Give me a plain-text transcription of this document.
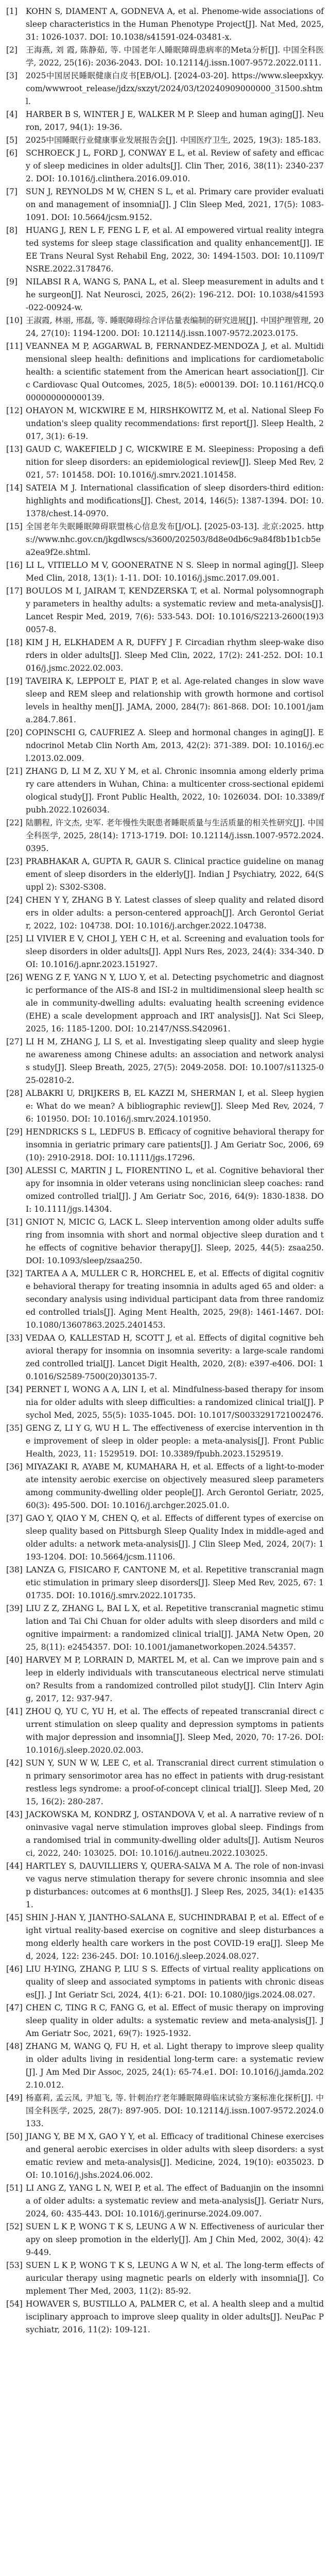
[1]	KOHN S, DIAMENT A, GODNEVA A, et al. Phenome-wide associations of sleep characteristics in the Human Phenotype Project[J]. Nat Med, 2025, 31: 1026-1037. DOI: 10.1038/s41591-024-03481-x.
[2]	王海燕, 刘 霞, 陈静茹, 等. 中国老年人睡眠障碍患病率的Meta分析[J]. 中国全科医学, 2022, 25(16): 2036-2043. DOI: 10.12114/j.issn.1007-9572.2022.0111.
[3]	2025中国居民睡眠健康白皮书[EB/OL]. [2024-03-20]. https://www.sleepxkyy.com/wwwroot_release/jdzx/sxzyt/2024/03/t20240909000000_31500.shtml.
[4]	HARBER B S, WINTER J E, WALKER M P. Sleep and human aging[J]. Neuron, 2017, 94(1): 19-36.
[5]	2025中国睡眠行业健康事业发展报告会[J]. 中国医疗卫生, 2025, 19(3): 185-183.
[6]	SCHROECK J L, FORD J, CONWAY E L, et al. Review of safety and efficacy of sleep medicines in older adults[J]. Clin Ther, 2016, 38(11): 2340-2372. DOI: 10.1016/j.clinthera.2016.09.010.
[7]	SUN J, REYNOLDS M W, CHEN S L, et al. Primary care provider evaluation and management of insomnia[J]. J Clin Sleep Med, 2021, 17(5): 1083-1091. DOI: 10.5664/jcsm.9152.
[8]	HUANG J, REN L F, FENG L F, et al. AI empowered virtual reality integrated systems for sleep stage classification and quality enhancement[J]. IEEE Trans Neural Syst Rehabil Eng, 2022, 30: 1494-1503. DOI: 10.1109/TNSRE.2022.3178476.
[9]	NILABSI R A, WANG S, PANA L, et al. Sleep measurement in adults and the surgeon[J]. Nat Neurosci, 2025, 26(2): 196-212. DOI: 10.1038/s41593-022-00924-w.
[10] 王淑霞, 林丽, 邢磊, 等. 睡眠障碍综合评估量表编制的研究进展[J]. 中国护理管理, 2024, 27(10): 1194-1200. DOI: 10.12114/j.issn.1007-9572.2023.0175.
[11] VEANNEA M P, AGGARWAL B, FERNANDEZ-MENDOZA J, et al. Multidimensional sleep health: definitions and implications for cardiometabolic health: a scientific statement from the American heart association[J]. Circ Cardiovasc Qual Outcomes, 2025, 18(5): e000139. DOI: 10.1161/HCQ.0000000000000139.
[12] OHAYON M, WICKWIRE E M, HIRSHKOWITZ M, et al. National Sleep Foundation's sleep quality recommendations: first report[J]. Sleep Health, 2017, 3(1): 6-19.
[13] GAUD C, WAKEFIELD J C, WICKWIRE E M. Sleepiness: Proposing a definition for sleep disorders: an epidemiological review[J]. Sleep Med Rev, 2021, 57: 101458. DOI: 10.1016/j.smrv.2021.101458.
[14] SATEIA M J. International classification of sleep disorders-third edition: highlights and modifications[J]. Chest, 2014, 146(5): 1387-1394. DOI: 10.1378/chest.14-0970.
[15] 全国老年失眠睡眠障碍联盟核心信息发布[J/OL]. [2025-03-13]. 北京:2025. https://www.nhc.gov.cn/jkgdlwscs/s3600/202503/8d8e0db6c9a84f8b1b1cb5ea2ea9f2e.shtml.
[16] LI L, VITIELLO M V, GOONERATNE N S. Sleep in normal aging[J]. Sleep Med Clin, 2018, 13(1): 1-11. DOI: 10.1016/j.jsmc.2017.09.001.
[17] BOULOS M I, JAIRAM T, KENDZERSKA T, et al. Normal polysomnography parameters in healthy adults: a systematic review and meta-analysis[J]. Lancet Respir Med, 2019, 7(6): 533-543. DOI: 10.1016/S2213-2600(19)30057-8.
[18] KIM J H, ELKHADEM A R, DUFFY J F. Circadian rhythm sleep-wake disorders in older adults[J]. Sleep Med Clin, 2022, 17(2): 241-252. DOI: 10.1016/j.jsmc.2022.02.003.
[19] TAVEIRA K, LEPPOLT E, PIAT P, et al. Age-related changes in slow wave sleep and REM sleep and relationship with growth hormone and cortisol levels in healthy men[J]. JAMA, 2000, 284(7): 861-868. DOI: 10.1001/jama.284.7.861.
[20] COPINSCHI G, CAUFRIEZ A. Sleep and hormonal changes in aging[J]. Endocrinol Metab Clin North Am, 2013, 42(2): 371-389. DOI: 10.1016/j.ecl.2013.02.009.
[21] ZHANG D, LI M Z, XU Y M, et al. Chronic insomnia among elderly primary care attenders in Wuhan, China: a multicenter cross-sectional epidemiological study[J]. Front Public Health, 2022, 10: 1026034. DOI: 10.3389/fpubh.2022.1026034.
[22] 陆鹏程, 许文杰, 史军. 老年慢性失眠患者睡眠质量与生活质量的相关性研究[J]. 中国全科医学, 2025, 28(14): 1713-1719. DOI: 10.12114/j.issn.1007-9572.2024.0395.
[23] PRABHAKAR A, GUPTA R, GAUR S. Clinical practice guideline on management of sleep disorders in the elderly[J]. Indian J Psychiatry, 2022, 64(Suppl 2): S302-S308.
[24] CHEN Y Y, ZHANG B Y. Latest classes of sleep quality and related disorders in older adults: a person-centered approach[J]. Arch Gerontol Geriatr, 2022, 102: 104738. DOI: 10.1016/j.archger.2022.104738.
[25] LI VIVIER E V, CHOI J, YEH C H, et al. Screening and evaluation tools for sleep disorders in older adults[J]. Appl Nurs Res, 2023, 24(4): 334-340. DOI: 10.1016/j.apnr.2023.151927.
[26] WENG Z F, YANG N Y, LUO Y, et al. Detecting psychometric and diagnostic performance of the AIS-8 and ISI-2 in multidimensional sleep health scale in community-dwelling adults: evaluating health screening evidence (EHE) a scale development approach and IRT analysis[J]. Nat Sci Sleep, 2025, 16: 1185-1200. DOI: 10.2147/NSS.S420961.
[27] LI H M, ZHANG J, LI S, et al. Investigating sleep quality and sleep hygiene awareness among Chinese adults: an association and network analysis study[J]. Sleep Breath, 2025, 27(5): 2049-2058. DOI: 10.1007/s11325-025-02810-2.
[28] ALBAKRI U, DRIJKERS B, EL KAZZI M, SHERMAN I, et al. Sleep hygiene: What do we mean? A bibliographic review[J]. Sleep Med Rev, 2024, 76: 101950. DOI: 10.1016/j.smrv.2024.101950.
[29] HENDRICKS S L, LEDFUS B. Efficacy of cognitive behavioral therapy for insomnia in geriatric primary care patients[J]. J Am Geriatr Soc, 2006, 69(10): 2910-2918. DOI: 10.1111/jgs.17296.
[30] ALESSI C, MARTIN J L, FIORENTINO L, et al. Cognitive behavioral therapy for insomnia in older veterans using nonclinician sleep coaches: randomized controlled trial[J]. J Am Geriatr Soc, 2016, 64(9): 1830-1838. DOI: 10.1111/jgs.14304.
[31] GNIOT N, MICIC G, LACK L. Sleep intervention among older adults suffering from insomnia with short and normal objective sleep duration and the effects of cognitive behavior therapy[J]. Sleep, 2025, 44(5): zsaa250. DOI: 10.1093/sleep/zsaa250.
[32] TARTEA A A, MULLER C R, HORCHEL E, et al. Effects of digital cognitive behavioral therapy for treating insomnia in adults aged 65 and older: a secondary analysis using individual participant data from three randomized controlled trials[J]. Aging Ment Health, 2025, 29(8): 1461-1467. DOI: 10.1080/13607863.2025.2401453.
[33] VEDAA O, KALLESTAD H, SCOTT J, et al. Effects of digital cognitive behavioral therapy for insomnia on insomnia severity: a large-scale randomized controlled trial[J]. Lancet Digit Health, 2020, 2(8): e397-e406. DOI: 10.1016/S2589-7500(20)30135-7.
[34] PERNET I, WONG A A, LIN I, et al. Mindfulness-based therapy for insomnia for older adults with sleep difficulties: a randomized clinical trial[J]. Psychol Med, 2025, 55(5): 1035-1045. DOI: 10.1017/S0033291721002476.
[35] GENG Z, LI Y G, WU H L. The effectiveness of exercise intervention in the improvement of sleep in older people: a meta-analysis[J]. Front Public Health, 2023, 11: 1529519. DOI: 10.3389/fpubh.2023.1529519.
[36] MIYAZAKI R, AYABE M, KUMAHARA H, et al. Effects of a light-to-moderate intensity aerobic exercise on objectively measured sleep parameters among community-dwelling older people[J]. Arch Gerontol Geriatr, 2025, 60(3): 495-500. DOI: 10.1016/j.archger.2025.01.0.
[37] GAO Y, QIAO Y M, CHEN Q, et al. Effects of different types of exercise on sleep quality based on Pittsburgh Sleep Quality Index in middle-aged and older adults: a network meta-analysis[J]. J Clin Sleep Med, 2024, 20(7): 1193-1204. DOI: 10.5664/jcsm.11106.
[38] LANZA G, FISICARO F, CANTONE M, et al. Repetitive transcranial magnetic stimulation in primary sleep disorders[J]. Sleep Med Rev, 2025, 67: 101735. DOI: 10.1016/j.smrv.2022.101735.
[39] LIU Z Z, ZHANG L, BAI L X, et al. Repetitive transcranial magnetic stimulation and Tai Chi Chuan for older adults with sleep disorders and mild cognitive impairment: a randomized clinical trial[J]. JAMA Netw Open, 2025, 8(11): e2454357. DOI: 10.1001/jamanetworkopen.2024.54357.
[40] HARVEY M P, LORRAIN D, MARTEL M, et al. Can we improve pain and sleep in elderly individuals with transcutaneous electrical nerve stimulation? Results from a randomized controlled pilot study[J]. Clin Interv Aging, 2017, 12: 937-947.
[41] ZHOU Q, YU C, YU H, et al. The effects of repeated transcranial direct current stimulation on sleep quality and depression symptoms in patients with major depression and insomnia[J]. Sleep Med, 2020, 70: 17-26. DOI: 10.1016/j.sleep.2020.02.003.
[42] SUN Y, SUN W W, LEE C, et al. Transcranial direct current stimulation on primary sensorimotor area has no effect in patients with drug-resistant restless legs syndrome: a proof-of-concept clinical trial[J]. Sleep Med, 2015, 16(2): 280-287.
[43] JACKOWSKA M, KONDRZ J, OSTANDOVA V, et al. A narrative review of noninvasive vagal nerve stimulation improves global sleep. Findings from a randomised trial in community-dwelling older adults[J]. Autism Neurosci, 2022, 240: 103025. DOI: 10.1016/j.autneu.2022.103025.
[44] HARTLEY S, DAUVILLIERS Y, QUERA-SALVA M A. The role of non-invasive vagus nerve stimulation therapy for severe chronic insomnia and sleep disturbances: outcomes at 6 months[J]. J Sleep Res, 2025, 34(1): e14351.
[45] SHIN J-HAN Y, JIANTHO-SALANA E, SUCHINDRABAI P, et al. Effect of eight virtual reality-based exercise on cognitive and sleep disturbances among elderly health care workers in the post COVID-19 era[J]. Sleep Med, 2024, 122: 236-245. DOI: 10.1016/j.sleep.2024.08.027.
[46] LIU H-YING, ZHANG P, LIU S S. Effects of virtual reality applications on quality of sleep and associated symptoms in patients with chronic diseases[J]. J Int Geriatr Sci, 2024, 4(1): 6-21. DOI: 10.1080/jigs.2024.08.027.
[47] CHEN C, TING R C, FANG G, et al. Effect of music therapy on improving sleep quality in older adults: a systematic review and meta-analysis[J]. J Am Geriatr Soc, 2021, 69(7): 1925-1932.
[48] ZHANG M, WANG Q, FU H, et al. Light therapy to improve sleep quality in older adults living in residential long-term care: a systematic review[J]. J Am Med Dir Assoc, 2025, 24(1): 65-74.e1. DOI: 10.1016/j.jamda.2022.10.012.
[49] 杨嘉莉, 孟云凤, 尹旭飞, 等. 针刺治疗老年睡眠障碍临床试验方案标准化探析[J]. 中国全科医学, 2025, 28(7): 897-905. DOI: 10.12114/j.issn.1007-9572.2024.0133.
[50] JIANG Y, BE M X, GAO Y Y, et al. Efficacy of traditional Chinese exercises and general aerobic exercises in older adults with sleep disorders: a systematic review and meta-analysis[J]. Medicine, 2024, 19(10): e035023. DOI: 10.1016/j.jshs.2024.06.002.
[51] LI ANG Z, YANG L N, WEI P, et al. The effect of Baduanjin on the insomnia of older adults: a systematic review and meta-analysis[J]. Geriatr Nurs, 2024, 60: 435-443. DOI: 10.1016/j.gerinurse.2024.09.007.
[52] SUEN L K P, WONG T K S, LEUNG A W N. Effectiveness of auricular therapy on sleep promotion in the elderly[J]. Am J Chin Med, 2002, 30(4): 429-449.
[53] SUEN L K P, WONG T K S, LEUNG A W N, et al. The long-term effects of auricular therapy using magnetic pearls on elderly with insomnia[J]. Complement Ther Med, 2003, 11(2): 85-92.
[54] HOWAVER S, BUSTILLO A, PALMER C, et al. A health sleep and a multidisciplinary approach to improve sleep quality in older adults[J]. NeuPac Psychiatr, 2016, 11(2): 109-121.
